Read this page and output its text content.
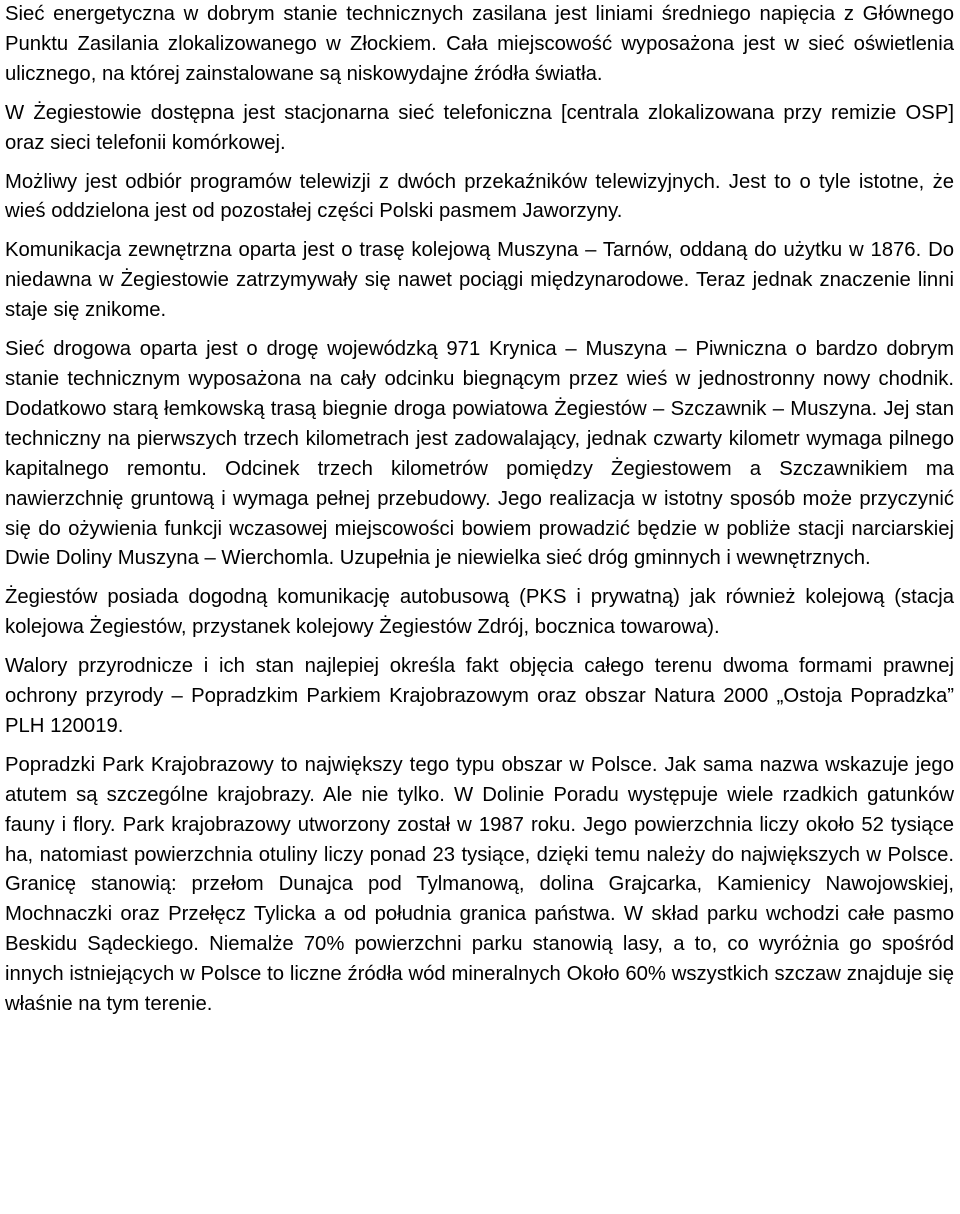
Sieć energetyczna w dobrym stanie technicznych zasilana jest liniami średniego napięcia z Głównego Punktu Zasilania zlokalizowanego w Złockiem. Cała miejscowość wyposażona jest w sieć oświetlenia ulicznego, na której zainstalowane są niskowydajne źródła światła.

W Żegiestowie dostępna jest stacjonarna sieć telefoniczna [centrala zlokalizowana przy remizie OSP] oraz sieci telefonii komórkowej.

Możliwy jest odbiór programów telewizji z dwóch przekaźników telewizyjnych. Jest to o tyle istotne, że wieś oddzielona jest od pozostałej części Polski pasmem Jaworzyny.

Komunikacja zewnętrzna oparta jest o trasę kolejową Muszyna – Tarnów, oddaną do użytku w 1876. Do niedawna w Żegiestowie zatrzymywały się nawet pociągi międzynarodowe. Teraz jednak znaczenie linni staje się znikome.

Sieć drogowa oparta jest o drogę wojewódzką 971 Krynica – Muszyna – Piwniczna o bardzo dobrym stanie technicznym wyposażona na cały odcinku biegnącym przez wieś w jednostronny nowy chodnik. Dodatkowo starą łemkowską trasą biegnie droga powiatowa Żegiestów – Szczawnik – Muszyna. Jej stan techniczny na pierwszych trzech kilometrach jest zadowalający, jednak czwarty kilometr wymaga pilnego kapitalnego remontu. Odcinek trzech kilometrów pomiędzy Żegiestowem a Szczawnikiem ma nawierzchnię gruntową i wymaga pełnej przebudowy. Jego realizacja w istotny sposób może przyczynić się do ożywienia funkcji wczasowej miejscowości bowiem prowadzić będzie w pobliże stacji narciarskiej Dwie Doliny Muszyna – Wierchomla. Uzupełnia je niewielka sieć dróg gminnych i wewnętrznych.

Żegiestów posiada dogodną komunikację autobusową (PKS i prywatną) jak również kolejową (stacja kolejowa Żegiestów, przystanek kolejowy Żegiestów Zdrój, bocznica towarowa).

Walory przyrodnicze i ich stan najlepiej określa fakt objęcia całego terenu dwoma formami prawnej ochrony przyrody – Popradzkim Parkiem Krajobrazowym oraz obszar Natura 2000 „Ostoja Popradzka” PLH 120019.

Popradzki Park Krajobrazowy to największy tego typu obszar w Polsce. Jak sama nazwa wskazuje jego atutem są szczególne krajobrazy. Ale nie tylko. W Dolinie Poradu występuje wiele rzadkich gatunków fauny i flory. Park krajobrazowy utworzony został w 1987 roku. Jego powierzchnia liczy około 52 tysiące ha, natomiast powierzchnia otuliny liczy ponad 23 tysiące, dzięki temu należy do największych w Polsce. Granicę stanowią: przełom Dunajca pod Tylmanową, dolina Grajcarka, Kamienicy Nawojowskiej, Mochnaczki oraz Przełęcz Tylicka a od południa granica państwa. W skład parku wchodzi całe pasmo Beskidu Sądeckiego. Niemalże 70% powierzchni parku stanowią lasy, a to, co wyróżnia go spośród innych istniejących w Polsce to liczne źródła wód mineralnych Około 60% wszystkich szczaw znajduje się właśnie na tym terenie.
